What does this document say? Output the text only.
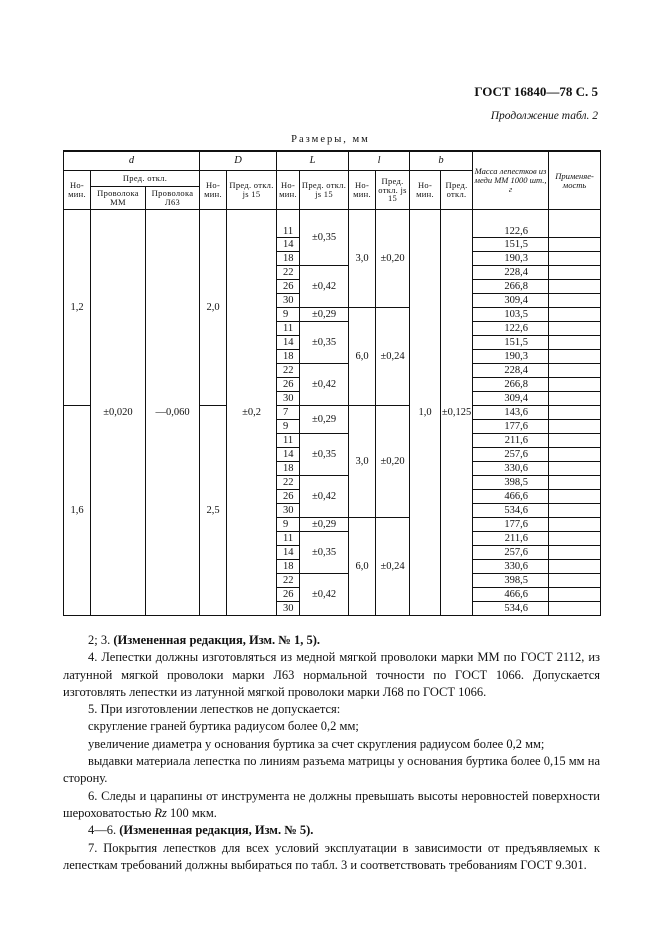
ГОСТ 16840—78 С. 5
Продолжение табл. 2
Размеры, мм
d			D		L		l		b		Масса лепестков из меди ММ 1000 шт., г	Применяе-мость
Но-мин.	Пред. откл.		Но-мин.	Пред. откл. js 15	Но-мин.	Пред. откл. js 15	Но-мин.	Пред. откл. js 15	Но-мин.	Пред. откл.		
	Проволока ММ	Проволока Л63										
1,2	±0,020	—0,060	2,0	±0,2	11	±0,35	3,0	±0,20	1,0	±0,125	122,6	
					14						151,5	
					18						190,3	
					22	±0,42					228,4	
					26						266,8	
					30						309,4	
					9	±0,29	6,0	±0,24			103,5	
					11	±0,35					122,6	
					14						151,5	
					18						190,3	
					22	±0,42					228,4	
					26						266,8	
					30						309,4	
1,6			2,5		7	±0,29	3,0	±0,20			143,6	
					9						177,6	
					11	±0,35					211,6	
					14						257,6	
					18						330,6	
					22	±0,42					398,5	
					26						466,6	
					30						534,6	
					9	±0,29	6,0	±0,24			177,6	
					11	±0,35					211,6	
					14						257,6	
					18						330,6	
					22	±0,42					398,5	
					26						466,6	
					30						534,6	

2; 3. (Измененная редакция, Изм. № 1, 5).

4. Лепестки должны изготовляться из медной мягкой проволоки марки ММ по ГОСТ 2112, из латунной мягкой проволоки марки Л63 нормальной точности по ГОСТ 1066. Допускается изготовлять лепестки из латунной мягкой проволоки марки Л68 по ГОСТ 1066.

5. При изготовлении лепестков не допускается:

скругление граней буртика радиусом более 0,2 мм;

увеличение диаметра у основания буртика за счет скругления радиусом более 0,2 мм;

выдавки материала лепестка по линиям разъема матрицы у основания буртика более 0,15 мм на сторону.

6. Следы и царапины от инструмента не должны превышать высоты неровностей поверхности шероховатостью Rz 100 мкм.

4—6. (Измененная редакция, Изм. № 5).

7. Покрытия лепестков для всех условий эксплуатации в зависимости от предъявляемых к лепесткам требований должны выбираться по табл. 3 и соответствовать требованиям ГОСТ 9.301.
